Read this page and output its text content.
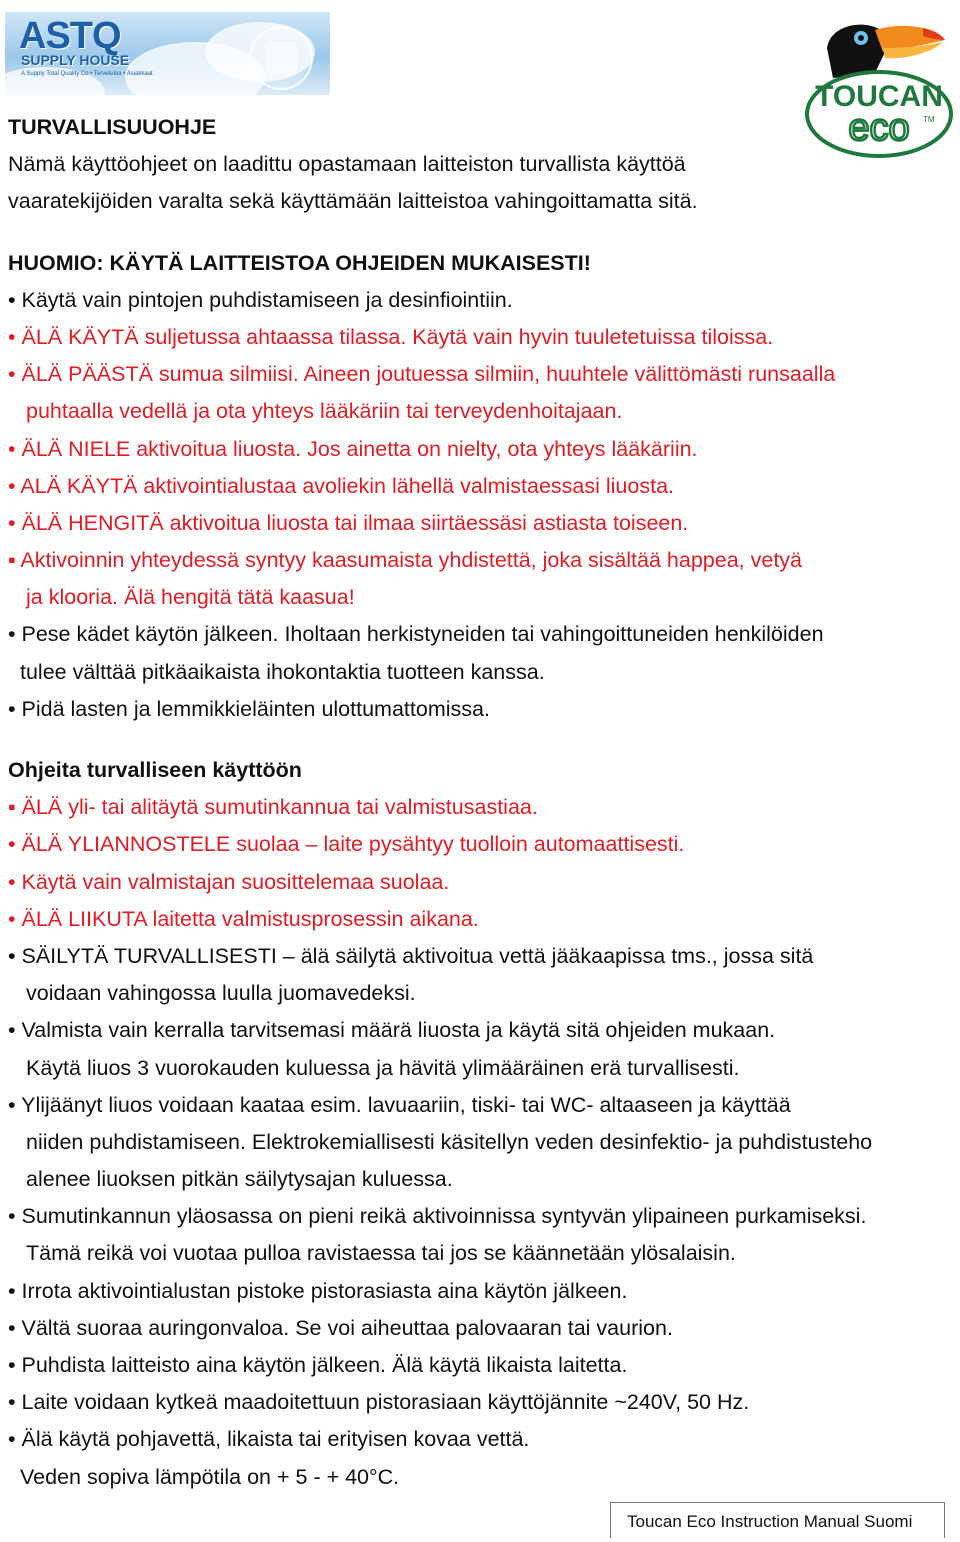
ASTQ
SUPPLY HOUSE
A Supply Total Quality Co • Tervetuloa • Asiakkaat
TOUCAN
eco TM
TURVALLISUUOHJE
Nämä käyttöohjeet on laadittu opastamaan laitteiston turvallista käyttöä
vaaratekijöiden varalta sekä käyttämään laitteistoa vahingoittamatta sitä.
HUOMIO: KÄYTÄ LAITTEISTOA OHJEIDEN MUKAISESTI!
• Käytä vain pintojen puhdistamiseen ja desinfiointiin.
• ÄLÄ KÄYTÄ suljetussa ahtaassa tilassa. Käytä vain hyvin tuuletetuissa tiloissa.
• ÄLÄ PÄÄSTÄ sumua silmiisi. Aineen joutuessa silmiin, huuhtele välittömästi runsaalla
puhtaalla vedellä ja ota yhteys lääkäriin tai terveydenhoitajaan.
• ÄLÄ NIELE aktivoitua liuosta. Jos ainetta on nielty, ota yhteys lääkäriin.
• ALÄ KÄYTÄ aktivointialustaa avoliekin lähellä valmistaessasi liuosta.
• ÄLÄ HENGITÄ aktivoitua liuosta tai ilmaa siirtäessäsi astiasta toiseen.
▪ Aktivoinnin yhteydessä syntyy kaasumaista yhdistettä, joka sisältää happea, vetyä
ja klooria. Älä hengitä tätä kaasua!
• Pese kädet käytön jälkeen. Iholtaan herkistyneiden tai vahingoittuneiden henkilöiden
tulee välttää pitkäaikaista ihokontaktia tuotteen kanssa.
• Pidä lasten ja lemmikkieläinten ulottumattomissa.
Ohjeita turvalliseen käyttöön
▪ ÄLÄ yli- tai alitäytä sumutinkannua tai valmistusastiaa.
• ÄLÄ YLIANNOSTELE suolaa – laite pysähtyy tuolloin automaattisesti.
• Käytä vain valmistajan suosittelemaa suolaa.
• ÄLÄ LIIKUTA laitetta valmistusprosessin aikana.
• SÄILYTÄ TURVALLISESTI – älä säilytä aktivoitua vettä jääkaapissa tms., jossa sitä
voidaan vahingossa luulla juomavedeksi.
• Valmista vain kerralla tarvitsemasi määrä liuosta ja käytä sitä ohjeiden mukaan.
Käytä liuos 3 vuorokauden kuluessa ja hävitä ylimääräinen erä turvallisesti.
• Ylijäänyt liuos voidaan kaataa esim. lavuaariin, tiski- tai WC- altaaseen ja käyttää
niiden puhdistamiseen. Elektrokemiallisesti käsitellyn veden desinfektio- ja puhdistusteho
alenee liuoksen pitkän säilytysajan kuluessa.
• Sumutinkannun yläosassa on pieni reikä aktivoinnissa syntyvän ylipaineen purkamiseksi.
Tämä reikä voi vuotaa pulloa ravistaessa tai jos se käännetään ylösalaisin.
• Irrota aktivointialustan pistoke pistorasiasta aina käytön jälkeen.
• Vältä suoraa auringonvaloa. Se voi aiheuttaa palovaaran tai vaurion.
• Puhdista laitteisto aina käytön jälkeen. Älä käytä likaista laitetta.
• Laite voidaan kytkeä maadoitettuun pistorasiaan käyttöjännite ~240V, 50 Hz.
• Älä käytä pohjavettä, likaista tai erityisen kovaa vettä.
Veden sopiva lämpötila on + 5 - + 40°C.
Toucan Eco Instruction Manual Suomi
